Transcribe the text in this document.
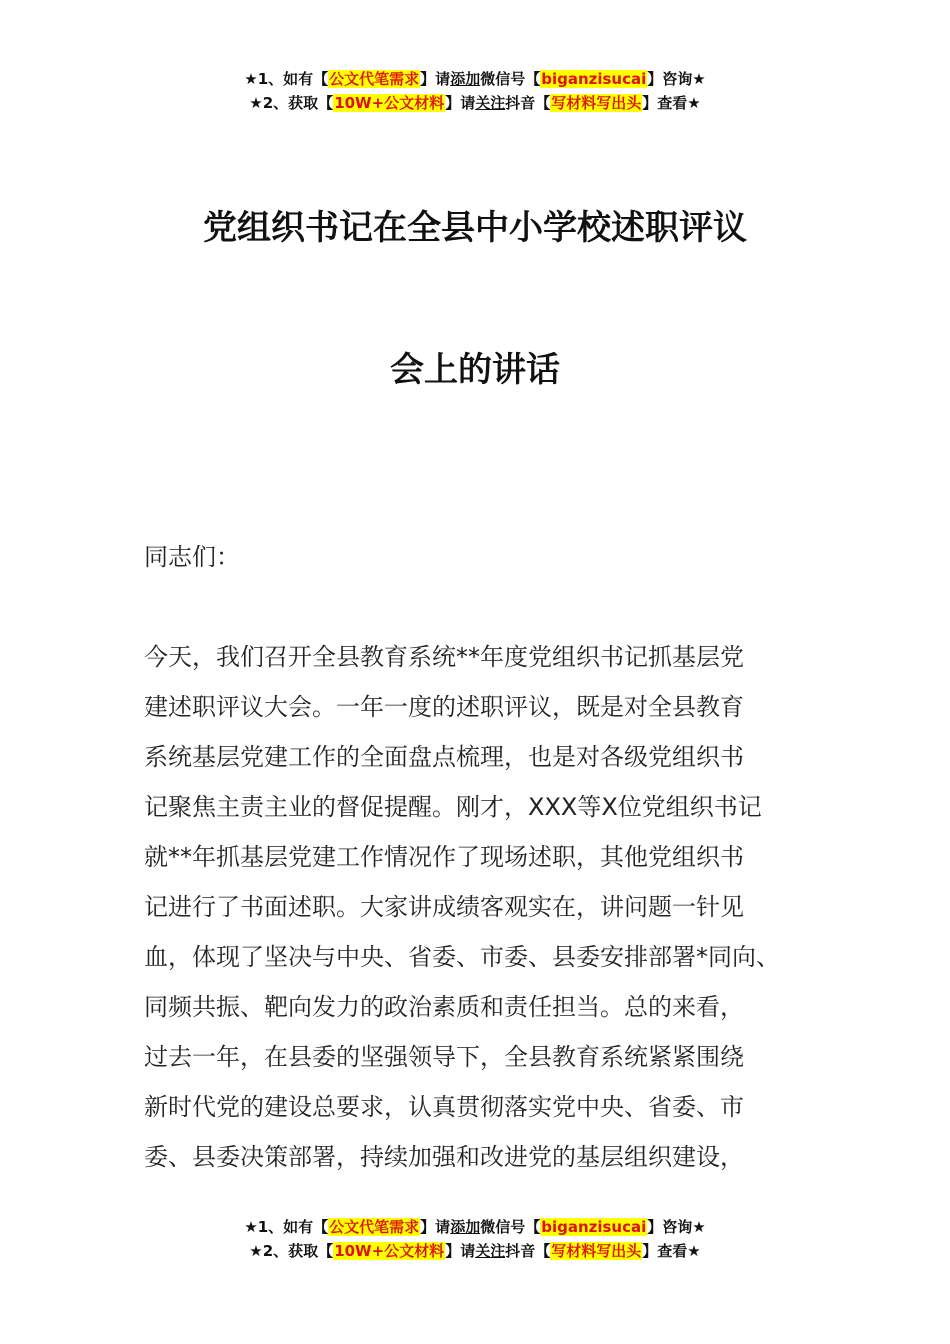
★1、如有【公文代笔需求】请添加微信号【biganzisucai】咨询★
★2、获取【10W+公文材料】请关注抖音【写材料写出头】查看★
党组织书记在全县中小学校述职评议
会上的讲话
同志们：
今天，我们召开全县教育系统**年度党组织书记抓基层党
建述职评议大会。一年一度的述职评议，既是对全县教育
系统基层党建工作的全面盘点梳理，也是对各级党组织书
记聚焦主责主业的督促提醒。刚才，XXX等X位党组织书记
就**年抓基层党建工作情况作了现场述职，其他党组织书
记进行了书面述职。大家讲成绩客观实在，讲问题一针见
血，体现了坚决与中央、省委、市委、县委安排部署*同向、
同频共振、靶向发力的政治素质和责任担当。总的来看，
过去一年，在县委的坚强领导下，全县教育系统紧紧围绕
新时代党的建设总要求，认真贯彻落实党中央、省委、市
委、县委决策部署，持续加强和改进党的基层组织建设，
★1、如有【公文代笔需求】请添加微信号【biganzisucai】咨询★
★2、获取【10W+公文材料】请关注抖音【写材料写出头】查看★
